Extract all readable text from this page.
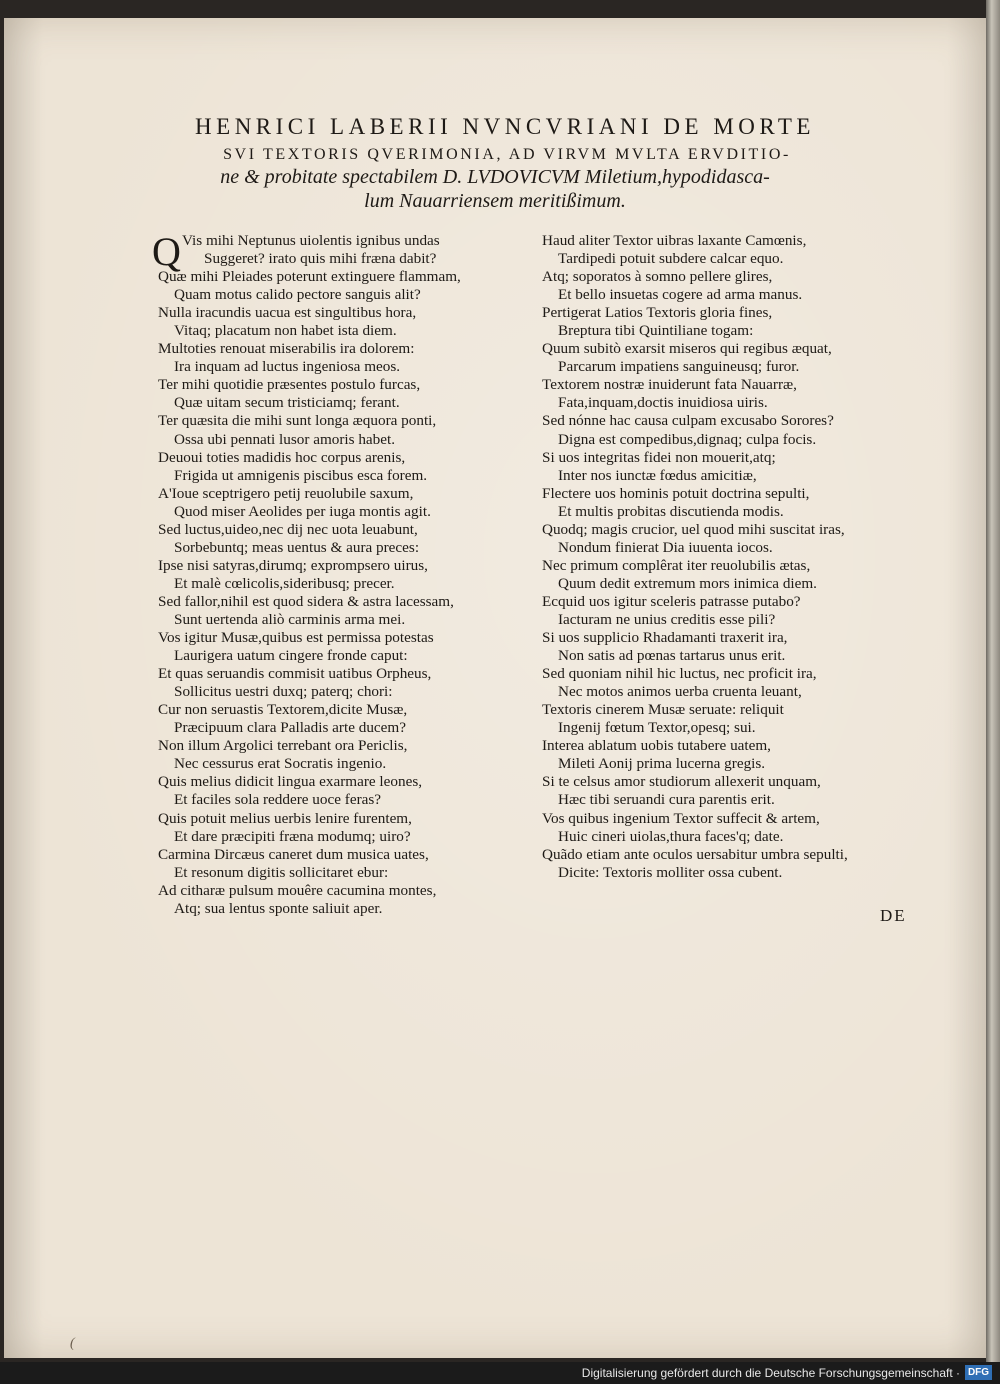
HENRICI LABERII NVNCVRIANI DE MORTE
SVI TEXTORIS QVERIMONIA, AD VIRVM MVLTA ERVDITIO-
ne & probitate spectabilem D. LVDOVICVM Miletium,hypodidascа-
lum Nauarriensem meritißimum.
Q Vis mihi Neptunus uiolentis ignibus undas
Suggeret? irato quis mihi fræna dabit?
Quæ mihi Pleiades poterunt extinguere flammam,
Quam motus calido pectore sanguis alit?
Nulla iracundis uacua est singultibus hora,
Vitaq; placatum non habet ista diem.
Multoties renouat miserabilis ira dolorem:
Ira inquam ad luctus ingeniosa meos.
Ter mihi quotidie præsentes postulo furcas,
Quæ uitam secum tristiciamq; ferant.
Ter quæsita die mihi sunt longa æquora ponti,
Ossa ubi pennati lusor amoris habet.
Deuoui toties madidis hoc corpus arenis,
Frigida ut amnigenis piscibus esca forem.
A'Ioue sceptrigero petij reuolubile saxum,
Quod miser Aeolides per iuga montis agit.
Sed luctus,uideo,nec dij nec uota leuabunt,
Sorbebuntq; meas uentus & aura preces:
Ipse nisi satyras,dirumq; exprompsero uirus,
Et malè cœlicolis,sideribusq; precer.
Sed fallor,nihil est quod sidera & astra lacessam,
Sunt uertenda aliò carminis arma mei.
Vos igitur Musæ,quibus est permissa potestas
Laurigera uatum cingere fronde caput:
Et quas seruandis commisit uatibus Orpheus,
Sollicitus uestri duxq; paterq; chori:
Cur non seruastis Textorem,dicite Musæ,
Præcipuum clara Palladis arte ducem?
Non illum Argolici terrebant ora Periclis,
Nec cessurus erat Socratis ingenio.
Quis melius didicit lingua exarmare leones,
Et faciles sola reddere uoce feras?
Quis potuit melius uerbis lenire furentem,
Et dare præcipiti fræna modumq; uiro?
Carmina Dircæus caneret dum musica uates,
Et resonum digitis sollicitaret ebur:
Ad citharæ pulsum mouêre cacumina montes,
Atq; sua lentus sponte saliuit aper.
Haud aliter Textor uibras laxante Camœnis,
Tardipedi potuit subdere calcar equo.
Atq; soporatos à somno pellere glires,
Et bello insuetas cogere ad arma manus.
Pertigerat Latios Textoris gloria fines,
Breptura tibi Quintiliane togam:
Quum subitò exarsit miseros qui regibus æquat,
Parcarum impatiens sanguineusq; furor.
Textorem nostræ inuiderunt fata Nauarræ,
Fata,inquam,doctis inuidiosa uiris.
Sed nónne hac causa culpam excusabo Sorores?
Digna est compedibus,dignaq; culpa focis.
Si uos integritas fidei non mouerit,atq;
Inter nos iunctæ fœdus amicitiæ,
Flectere uos hominis potuit doctrina sepulti,
Et multis probitas discutienda modis.
Quodq; magis crucior, uel quod mihi suscitat iras,
Nondum finierat Dia iuuenta iocos.
Nec primum complêrat iter reuolubilis ætas,
Quum dedit extremum mors inimica diem.
Ecquid uos igitur sceleris patrasse putabo?
Iacturam ne unius creditis esse pili?
Si uos supplicio Rhadamanti traxerit ira,
Non satis ad pœnas tartarus unus erit.
Sed quoniam nihil hic luctus, nec proficit ira,
Nec motos animos uerba cruenta leuant,
Textoris cinerem Musæ seruate: reliquit
Ingenij fœtum Textor,opesq; sui.
Interea ablatum uobis tutabere uatem,
Mileti Aonij prima lucerna gregis.
Si te celsus amor studiorum allexerit unquam,
Hæc tibi seruandi cura parentis erit.
Vos quibus ingenium Textor suffecit & artem,
Huic cineri uiolas,thura faces'q; date.
Quãdo etiam ante oculos uersabitur umbra sepulti,
Dicite: Textoris molliter ossa cubent.
DE
(
Digitalisierung gefördert durch die Deutsche Forschungsgemeinschaft · DFG
